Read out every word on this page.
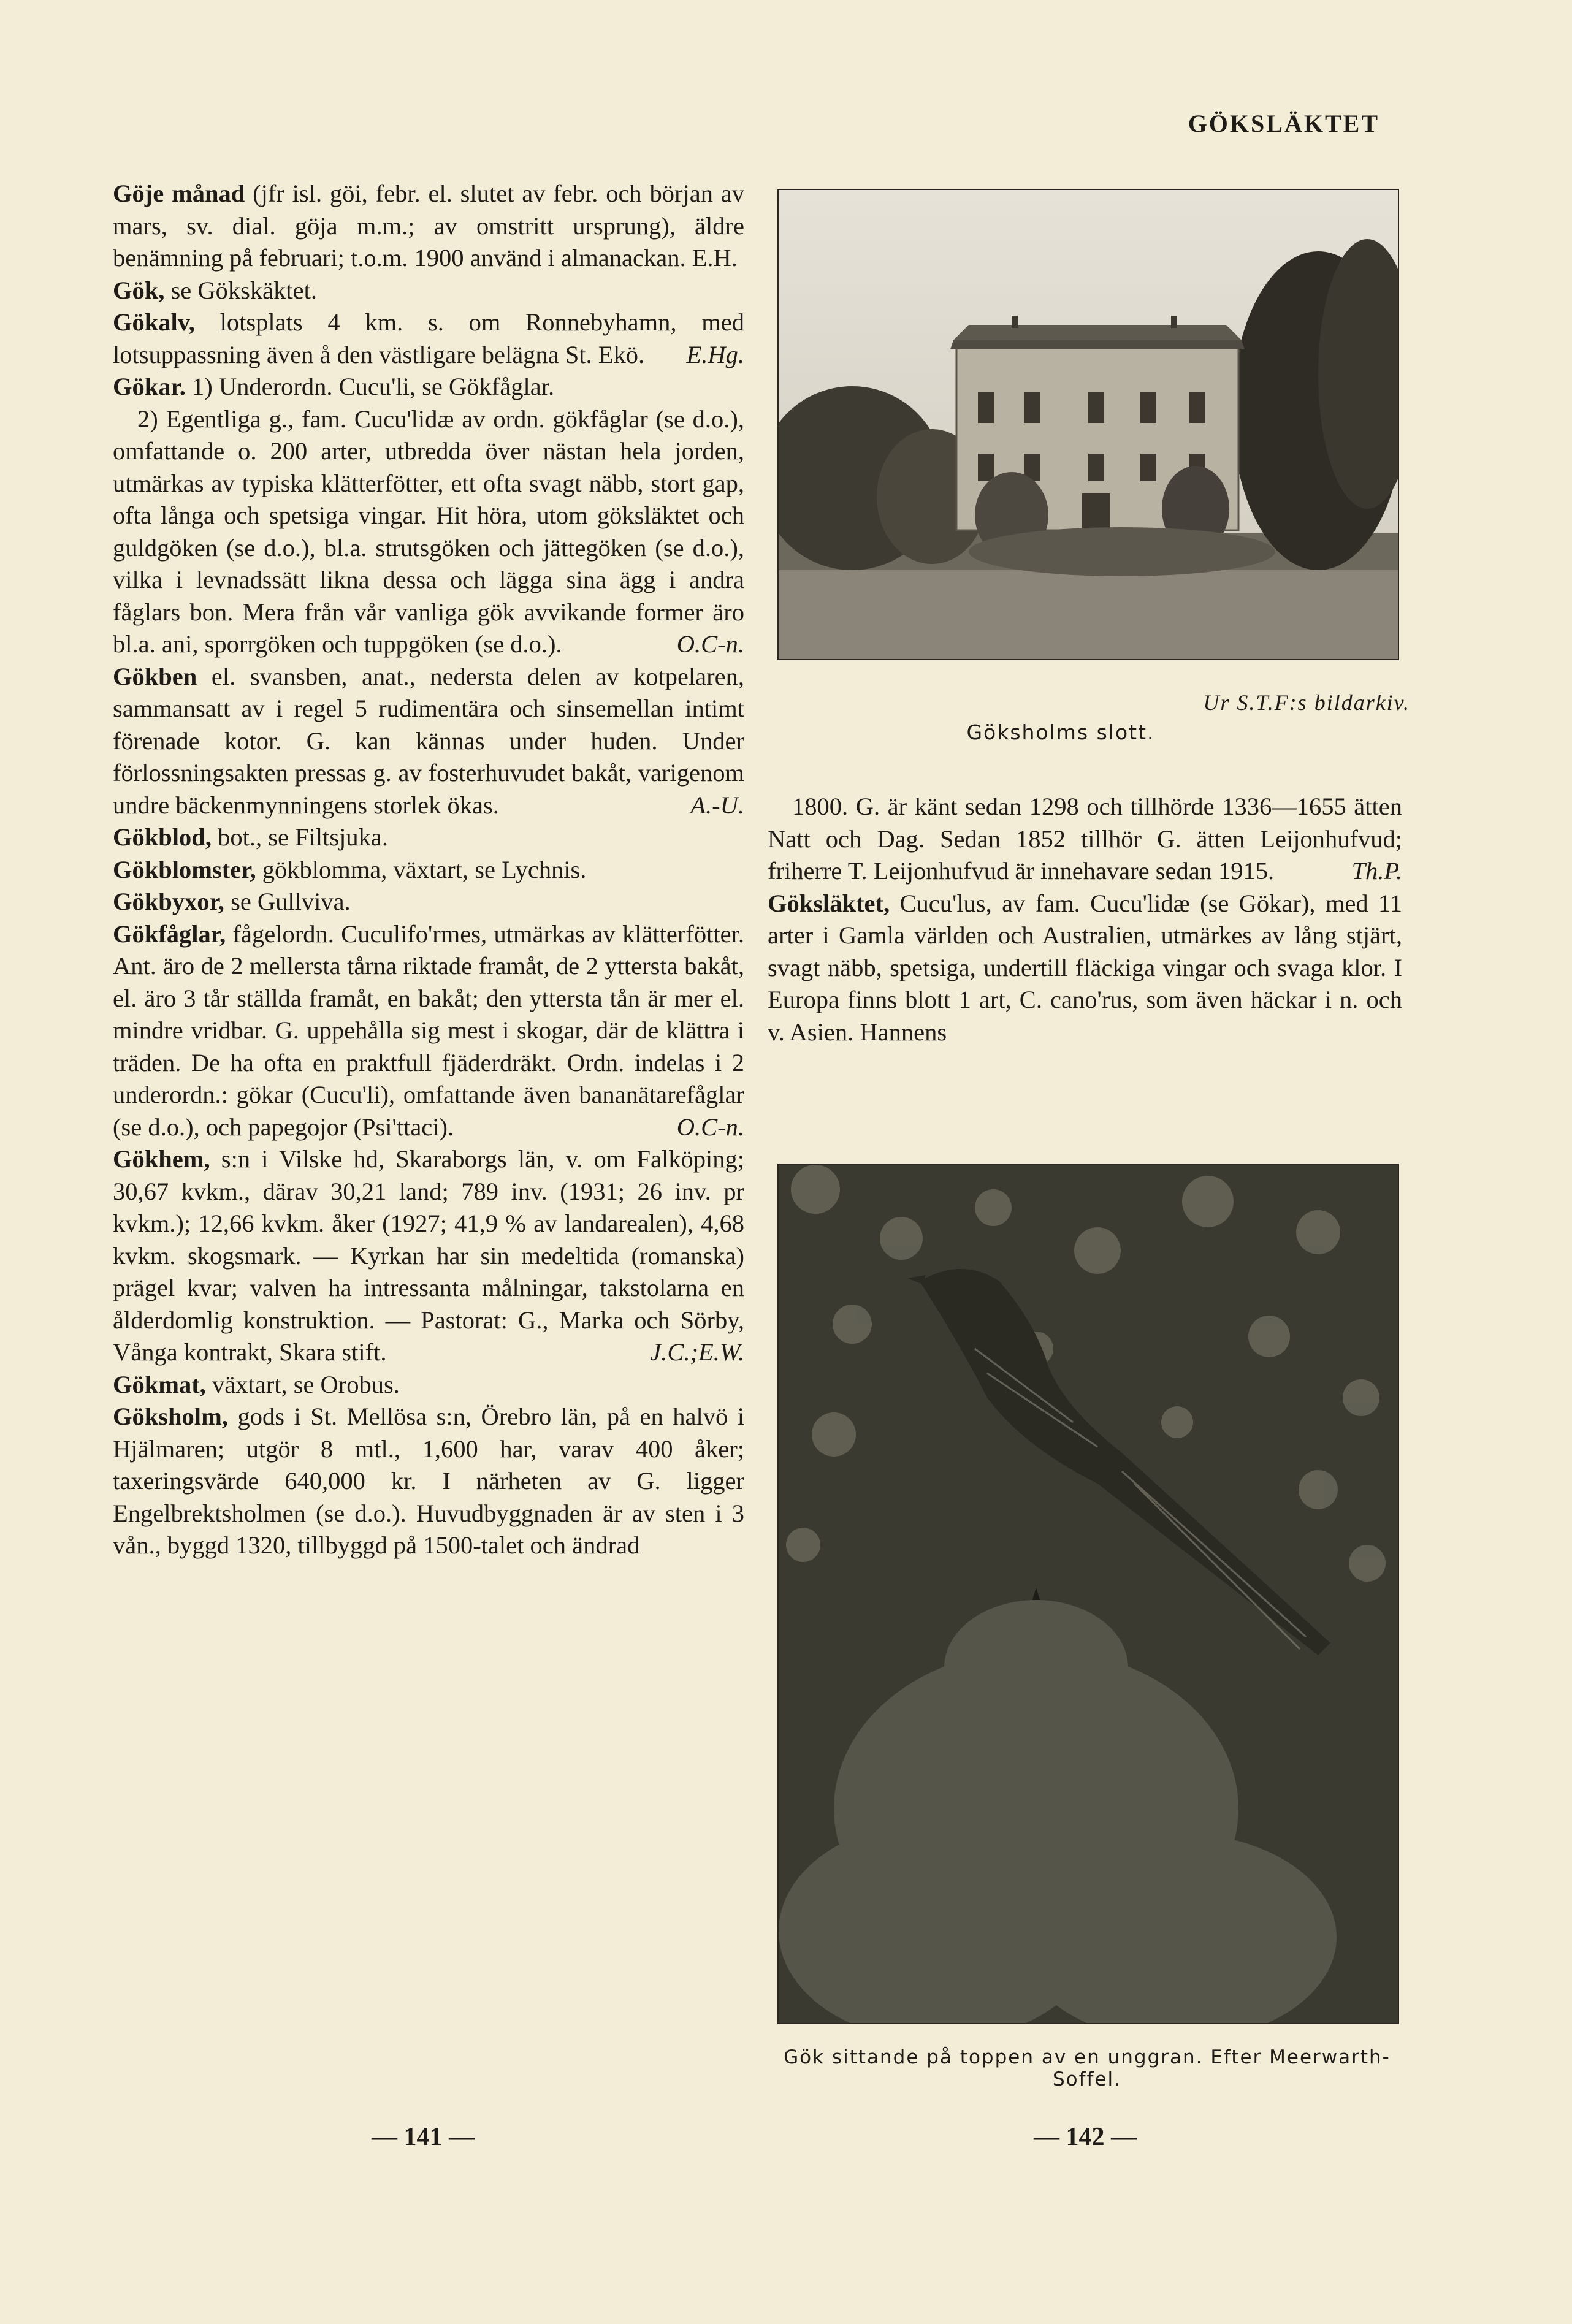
GÖKSLÄKTET

Göje månad (jfr isl. göi, febr. el. slutet av febr. och början av mars, sv. dial. göja m.m.; av omstritt ursprung), äldre benämning på februari; t.o.m. 1900 använd i almanackan. E.H.

Gök, se Gökskäktet.

Gökalv, lotsplats 4 km. s. om Ronnebyhamn, med lotsuppassning även å den västligare belägna St. Ekö.	E.Hg.

Gökar. 1) Underordn. Cucu'li, se Gökfåglar.

2) Egentliga g., fam. Cucu'lidæ av ordn. gökfåglar (se d.o.), omfattande o. 200 arter, utbredda över nästan hela jorden, utmärkas av typiska klätterfötter, ett ofta svagt näbb, stort gap, ofta långa och spetsiga vingar. Hit höra, utom göksläktet och guldgöken (se d.o.), bl.a. strutsgöken och jättegöken (se d.o.), vilka i levnadssätt likna dessa och lägga sina ägg i andra fåglars bon. Mera från vår vanliga gök avvikande former äro bl.a. ani, sporrgöken och tuppgöken (se d.o.).	O.C-n.

Gökben el. svansben, anat., nedersta delen av kotpelaren, sammansatt av i regel 5 rudimentära och sinsemellan intimt förenade kotor. G. kan kännas under huden. Under förlossningsakten pressas g. av fosterhuvudet bakåt, varigenom undre bäckenmynningens storlek ökas.	A.-U.

Gökblod, bot., se Filtsjuka.

Gökblomster, gökblomma, växtart, se Lychnis.

Gökbyxor, se Gullviva.

Gökfåglar, fågelordn. Cuculifo'rmes, utmärkas av klätterfötter. Ant. äro de 2 mellersta tårna riktade framåt, de 2 yttersta bakåt, el. äro 3 tår ställda framåt, en bakåt; den yttersta tån är mer el. mindre vridbar. G. uppehålla sig mest i skogar, där de klättra i träden. De ha ofta en praktfull fjäderdräkt. Ordn. indelas i 2 underordn.: gökar (Cucu'li), omfattande även bananätarefåglar (se d.o.), och papegojor (Psi'ttaci).	O.C-n.

Gökhem, s:n i Vilske hd, Skaraborgs län, v. om Falköping; 30,67 kvkm., därav 30,21 land; 789 inv. (1931; 26 inv. pr kvkm.); 12,66 kvkm. åker (1927; 41,9 % av landarealen), 4,68 kvkm. skogsmark. — Kyrkan har sin medeltida (romanska) prägel kvar; valven ha intressanta målningar, takstolarna en ålderdomlig konstruktion. — Pastorat: G., Marka och Sörby, Vånga kontrakt, Skara stift.	J.C.;E.W.

Gökmat, växtart, se Orobus.

Göksholm, gods i St. Mellösa s:n, Örebro län, på en halvö i Hjälmaren; utgör 8 mtl., 1,600 har, varav 400 åker; taxeringsvärde 640,000 kr. I närheten av G. ligger Engelbrektsholmen (se d.o.). Huvudbyggnaden är av sten i 3 vån., byggd 1320, tillbyggd på 1500-talet och ändrad

Ur S.T.F:s bildarkiv.
Göksholms slott.

1800. G. är känt sedan 1298 och tillhörde 1336—1655 ätten Natt och Dag. Sedan 1852 tillhör G. ätten Leijonhufvud; friherre T. Leijonhufvud är innehavare sedan 1915.	Th.P.

Göksläktet, Cucu'lus, av fam. Cucu'lidæ (se Gökar), med 11 arter i Gamla världen och Australien, utmärkes av lång stjärt, svagt näbb, spetsiga, undertill fläckiga vingar och svaga klor. I Europa finns blott 1 art, C. cano'rus, som även häckar i n. och v. Asien. Hannens

Gök sittande på toppen av en unggran. Efter Meerwarth-Soffel.
— 141 —	— 142 —
